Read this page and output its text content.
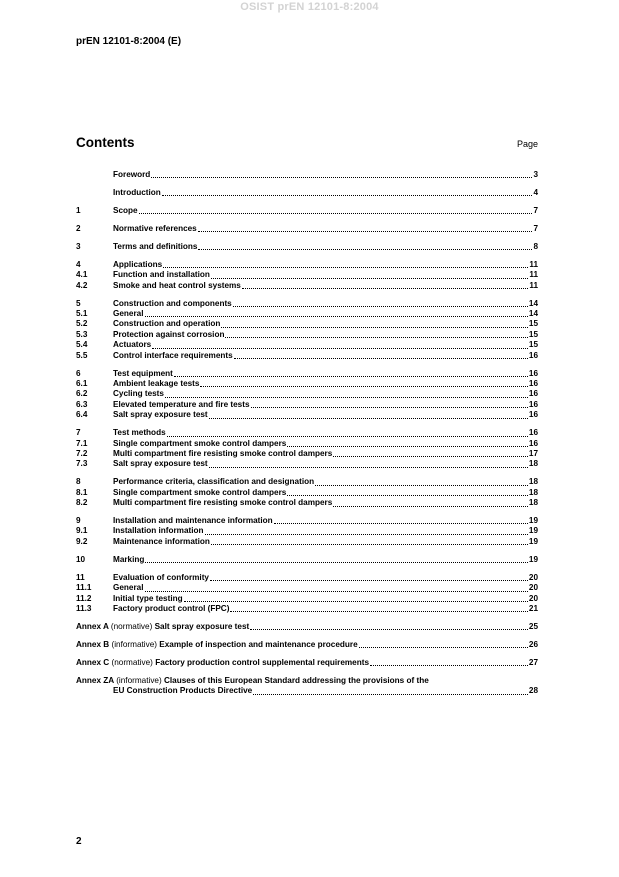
OSIST prEN 12101-8:2004
prEN 12101-8:2004 (E)
Contents	Page
Foreword	3
Introduction	4
1	Scope	7
2	Normative references	7
3	Terms and definitions	8
4	Applications	11
4.1	Function and installation	11
4.2	Smoke and heat control systems	11
5	Construction and components	14
5.1	General	14
5.2	Construction and operation	15
5.3	Protection against corrosion	15
5.4	Actuators	15
5.5	Control interface requirements	16
6	Test equipment	16
6.1	Ambient leakage tests	16
6.2	Cycling tests	16
6.3	Elevated temperature and fire tests	16
6.4	Salt spray exposure test	16
7	Test methods	16
7.1	Single compartment smoke control dampers	16
7.2	Multi compartment fire resisting smoke control dampers	17
7.3	Salt spray exposure test	18
8	Performance criteria, classification and designation	18
8.1	Single compartment smoke control dampers	18
8.2	Multi compartment fire resisting smoke control dampers	18
9	Installation and maintenance information	19
9.1	Installation information	19
9.2	Maintenance information	19
10	Marking	19
11	Evaluation of conformity	20
11.1	General	20
11.2	Initial type testing	20
11.3	Factory product control (FPC)	21
Annex A (normative) Salt spray exposure test	25
Annex B (informative) Example of inspection and maintenance procedure	26
Annex C (normative) Factory production control supplemental requirements	27
Annex ZA (informative) Clauses of this European Standard addressing the provisions of the
EU Construction Products Directive	28
2
